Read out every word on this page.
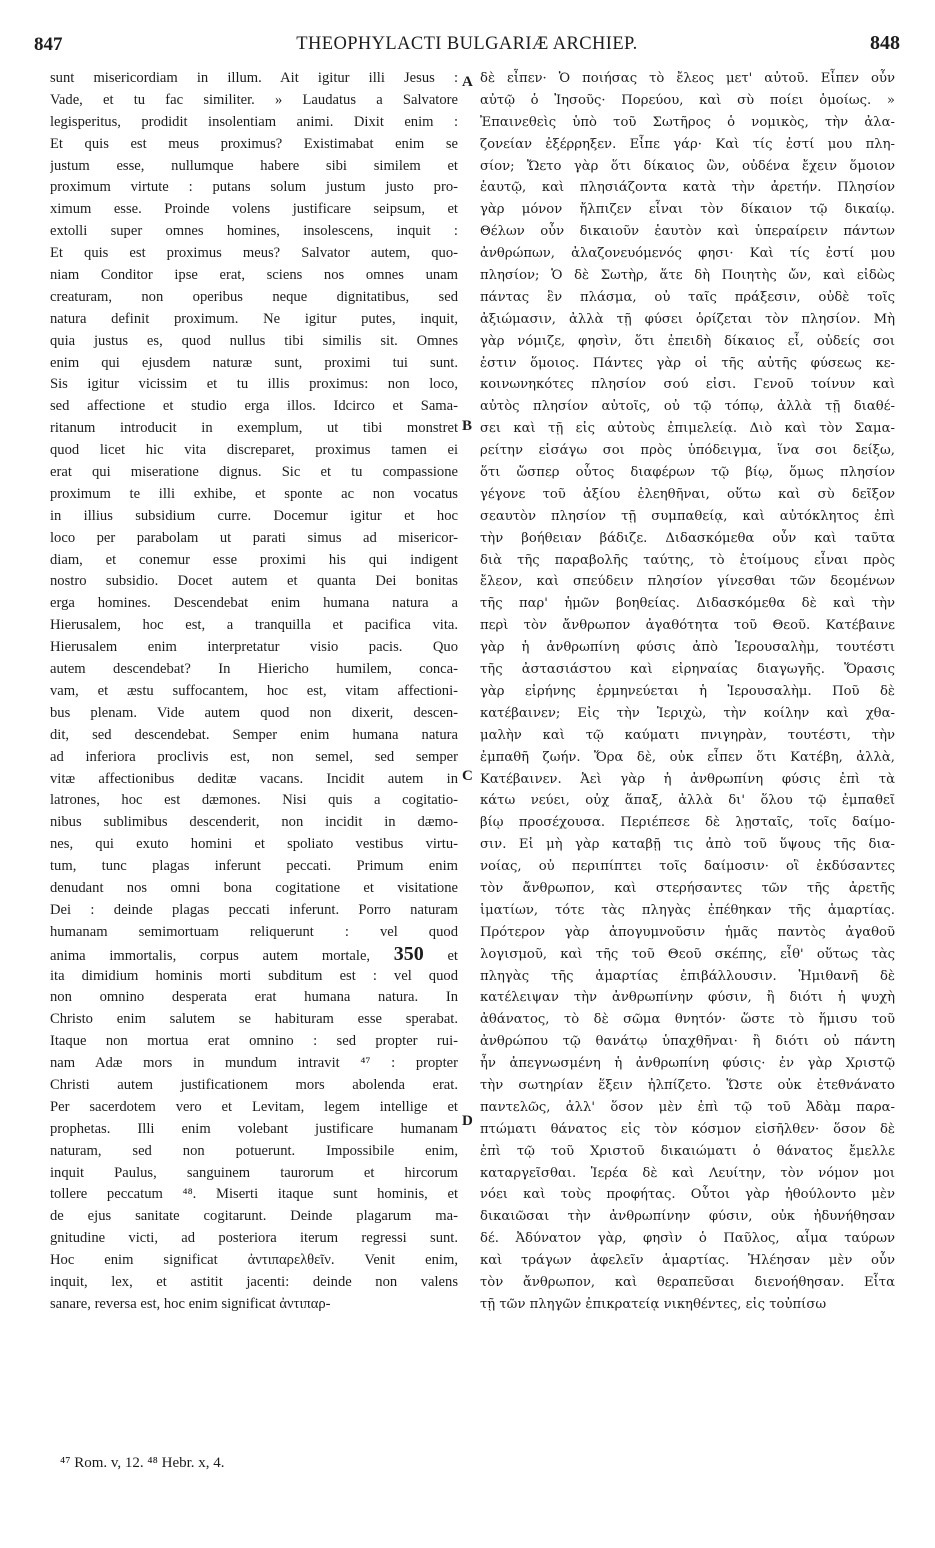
847	THEOPHYLACTI BULGARIÆ ARCHIEP.	848
sunt misericordiam in illum. Ait igitur illi Jesus :
Vade, et tu fac similiter. » Laudatus a Salvatore
legisperitus, prodidit insolentiam animi. Dixit enim :
Et quis est meus proximus? Existimabat enim se
justum esse, nullumque habere sibi similem et
proximum virtute : putans solum justum justo pro-
ximum esse. Proinde volens justificare seipsum, et
extolli super omnes homines, insolescens, inquit :
Et quis est proximus meus? Salvator autem, quo-
niam Conditor ipse erat, sciens nos omnes unam
creaturam, non operibus neque dignitatibus, sed
natura definit proximum. Ne igitur putes, inquit,
quia justus es, quod nullus tibi similis sit. Omnes
enim qui ejusdem naturæ sunt, proximi tui sunt.
Sis igitur vicissim et tu illis proximus: non loco,
sed affectione et studio erga illos. Idcirco et Sama-
ritanum introducit in exemplum, ut tibi monstret
quod licet hic vita discreparet, proximus tamen ei
erat qui miseratione dignus. Sic et tu compassione
proximum te illi exhibe, et sponte ac non vocatus
in illius subsidium curre. Docemur igitur et hoc
loco per parabolam ut parati simus ad misericor-
diam, et conemur esse proximi his qui indigent
nostro subsidio. Docet autem et quanta Dei bonitas
erga homines. Descendebat enim humana natura a
Hierusalem, hoc est, a tranquilla et pacifica vita.
Hierusalem enim interpretatur visio pacis. Quo
autem descendebat? In Hiericho humilem, conca-
vam, et æstu suffocantem, hoc est, vitam affectioni-
bus plenam. Vide autem quod non dixerit, descen-
dit, sed descendebat. Semper enim humana natura
ad inferiora proclivis est, non semel, sed semper
vitæ affectionibus deditæ vacans. Incidit autem in
latrones, hoc est dæmones. Nisi quis a cogitatio-
nibus sublimibus descenderit, non incidit in dæmo-
nes, qui exuto homini et spoliato vestibus virtu-
tum, tunc plagas inferunt peccati. Primum enim
denudant nos omni bona cogitatione et visitatione
Dei : deinde plagas peccati inferunt. Porro naturam
humanam semimortuam reliquerunt : vel quod
anima immortalis, corpus autem mortale, 350 et
ita dimidium hominis morti subditum est : vel quod
non omnino desperata erat humana natura. In
Christo enim salutem se habituram esse sperabat.
Itaque non mortua erat omnino : sed propter rui-
nam Adæ mors in mundum intravit ⁴⁷ : propter
Christi autem justificationem mors abolenda erat.
Per sacerdotem vero et Levitam, legem intellige et
prophetas. Illi enim volebant justificare humanam
naturam, sed non potuerunt. Impossibile enim,
inquit Paulus, sanguinem taurorum et hircorum
tollere peccatum ⁴⁸. Miserti itaque sunt hominis, et
de ejus sanitate cogitarunt. Deinde plagarum ma-
gnitudine victi, ad posteriora iterum regressi sunt.
Hoc enim significat ἀντιπαρελθεῖν. Venit enim,
inquit, lex, et astitit jacenti: deinde non valens
sanare, reversa est, hoc enim significat ἀντιπαρ-
δὲ εἶπεν· Ὁ ποιήσας τὸ ἔλεος μετ' αὐτοῦ. Εἶπεν οὖν
αὐτῷ ὁ Ἰησοῦς· Πορεύου, καὶ σὺ ποίει ὁμοίως. »
Ἐπαινεθεὶς ὑπὸ τοῦ Σωτῆρος ὁ νομικὸς, τὴν ἀλα-
ζονείαν ἐξέρρηξεν. Εἶπε γάρ· Καὶ τίς ἐστί μου πλη-
σίον; Ὤετο γὰρ ὅτι δίκαιος ὢν, οὐδένα ἔχειν ὅμοιον
ἑαυτῷ, καὶ πλησιάζοντα κατὰ τὴν ἀρετήν. Πλησίον
γὰρ μόνον ἤλπιζεν εἶναι τὸν δίκαιον τῷ δικαίῳ.
Θέλων οὖν δικαιοῦν ἑαυτὸν καὶ ὑπεραίρειν πάντων
ἀνθρώπων, ἀλαζονευόμενός φησι· Καὶ τίς ἐστί μου
πλησίον; Ὁ δὲ Σωτὴρ, ἅτε δὴ Ποιητὴς ὤν, καὶ εἰδὼς
πάντας ἓν πλάσμα, οὐ ταῖς πράξεσιν, οὐδὲ τοῖς
ἀξιώμασιν, ἀλλὰ τῇ φύσει ὁρίζεται τὸν πλησίον. Μὴ
γὰρ νόμιζε, φησὶν, ὅτι ἐπειδὴ δίκαιος εἶ, οὐδείς σοι
ἐστιν ὅμοιος. Πάντες γὰρ οἱ τῆς αὐτῆς φύσεως κε-
κοινωνηκότες πλησίον σού εἰσι. Γενοῦ τοίνυν καὶ
αὐτὸς πλησίον αὐτοῖς, οὐ τῷ τόπῳ, ἀλλὰ τῇ διαθέ-
σει καὶ τῇ εἰς αὐτοὺς ἐπιμελείᾳ. Διὸ καὶ τὸν Σαμα-
ρείτην εἰσάγω σοι πρὸς ὑπόδειγμα, ἵνα σοι δείξω,
ὅτι ὥσπερ οὗτος διαφέρων τῷ βίῳ, ὅμως πλησίον
γέγονε τοῦ ἀξίου ἐλεηθῆναι, οὕτω καὶ σὺ δεῖξον
σεαυτὸν πλησίον τῇ συμπαθείᾳ, καὶ αὐτόκλητος ἐπὶ
τὴν βοήθειαν βάδιζε. Διδασκόμεθα οὖν καὶ ταῦτα
διὰ τῆς παραβολῆς ταύτης, τὸ ἑτοίμους εἶναι πρὸς
ἔλεον, καὶ σπεύδειν πλησίον γίνεσθαι τῶν δεομένων
τῆς παρ' ἡμῶν βοηθείας. Διδασκόμεθα δὲ καὶ τὴν
περὶ τὸν ἄνθρωπον ἀγαθότητα τοῦ Θεοῦ. Κατέβαινε
γὰρ ἡ ἀνθρωπίνη φύσις ἀπὸ Ἱερουσαλὴμ, τουτέστι
τῆς ἀστασιάστου καὶ εἰρηναίας διαγωγῆς. Ὅρασις
γὰρ εἰρήνης ἑρμηνεύεται ἡ Ἱερουσαλὴμ. Ποῦ δὲ
κατέβαινεν; Εἰς τὴν Ἱεριχὼ, τὴν κοίλην καὶ χθα-
μαλὴν καὶ τῷ καύματι πνιγηρὰν, τουτέστι, τὴν
ἐμπαθῆ ζωήν. Ὅρα δὲ, οὐκ εἶπεν ὅτι Κατέβη, ἀλλὰ,
Κατέβαινεν. Ἀεὶ γὰρ ἡ ἀνθρωπίνη φύσις ἐπὶ τὰ
κάτω νεύει, οὐχ ἅπαξ, ἀλλὰ δι' ὅλου τῷ ἐμπαθεῖ
βίῳ προσέχουσα. Περιέπεσε δὲ λῃσταῖς, τοῖς δαίμο-
σιν. Εἰ μὴ γὰρ καταβῇ τις ἀπὸ τοῦ ὕψους τῆς δια-
νοίας, οὐ περιπίπτει τοῖς δαίμοσιν· οἳ ἐκδύσαντες
τὸν ἄνθρωπον, καὶ στερήσαντες τῶν τῆς ἀρετῆς
ἱματίων, τότε τὰς πληγὰς ἐπέθηκαν τῆς ἁμαρτίας.
Πρότερον γὰρ ἀπογυμνοῦσιν ἡμᾶς παντὸς ἀγαθοῦ
λογισμοῦ, καὶ τῆς τοῦ Θεοῦ σκέπης, εἶθ' οὕτως τὰς
πληγὰς τῆς ἁμαρτίας ἐπιβάλλουσιν. Ἡμιθανῆ δὲ
κατέλειψαν τὴν ἀνθρωπίνην φύσιν, ἢ διότι ἡ ψυχὴ
ἀθάνατος, τὸ δὲ σῶμα θνητόν· ὥστε τὸ ἥμισυ τοῦ
ἀνθρώπου τῷ θανάτῳ ὑπαχθῆναι· ἢ διότι οὐ πάντη
ἦν ἀπεγνωσμένη ἡ ἀνθρωπίνη φύσις· ἐν γὰρ Χριστῷ
τὴν σωτηρίαν ἕξειν ἠλπίζετο. Ὥστε οὐκ ἐτεθνάνατο
παντελῶς, ἀλλ' ὅσον μὲν ἐπὶ τῷ τοῦ Ἀδὰμ παρα-
πτώματι θάνατος εἰς τὸν κόσμον εἰσῆλθεν· ὅσον δὲ
ἐπὶ τῷ τοῦ Χριστοῦ δικαιώματι ὁ θάνατος ἔμελλε
καταργεῖσθαι. Ἱερέα δὲ καὶ Λευίτην, τὸν νόμον μοι
νόει καὶ τοὺς προφήτας. Οὗτοι γὰρ ἠθούλοντο μὲν
δικαιῶσαι τὴν ἀνθρωπίνην φύσιν, οὐκ ἠδυνήθησαν
δέ. Ἀδύνατον γὰρ, φησὶν ὁ Παῦλος, αἷμα ταύρων
καὶ τράγων ἀφελεῖν ἁμαρτίας. Ἠλέησαν μὲν οὖν
τὸν ἄνθρωπον, καὶ θεραπεῦσαι διενοήθησαν. Εἶτα
τῇ τῶν πληγῶν ἐπικρατείᾳ νικηθέντες, εἰς τοὐπίσω
A
B
C
D
⁴⁷ Rom. v, 12. ⁴⁸ Hebr. x, 4.
